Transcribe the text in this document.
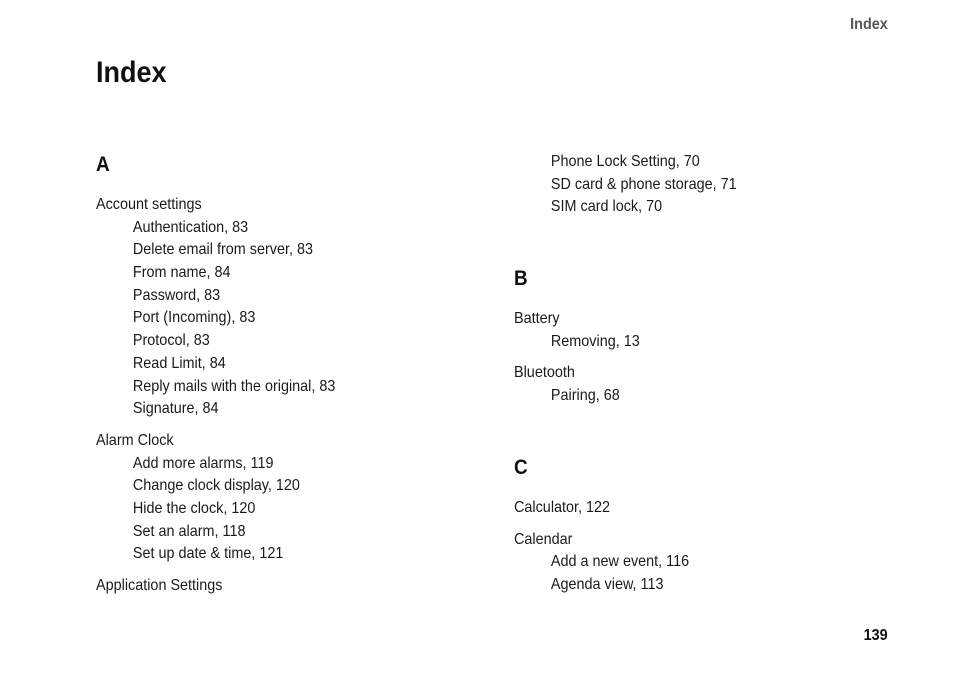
Index
Index
A
Account settings
Authentication, 83
Delete email from server, 83
From name, 84
Password, 83
Port (Incoming), 83
Protocol, 83
Read Limit, 84
Reply mails with the original, 83
Signature, 84
Alarm Clock
Add more alarms, 119
Change clock display, 120
Hide the clock, 120
Set an alarm, 118
Set up date & time, 121
Application Settings
Phone Lock Setting, 70
SD card & phone storage, 71
SIM card lock, 70
B
Battery
Removing, 13
Bluetooth
Pairing, 68
C
Calculator, 122
Calendar
Add a new event, 116
Agenda view, 113
139
